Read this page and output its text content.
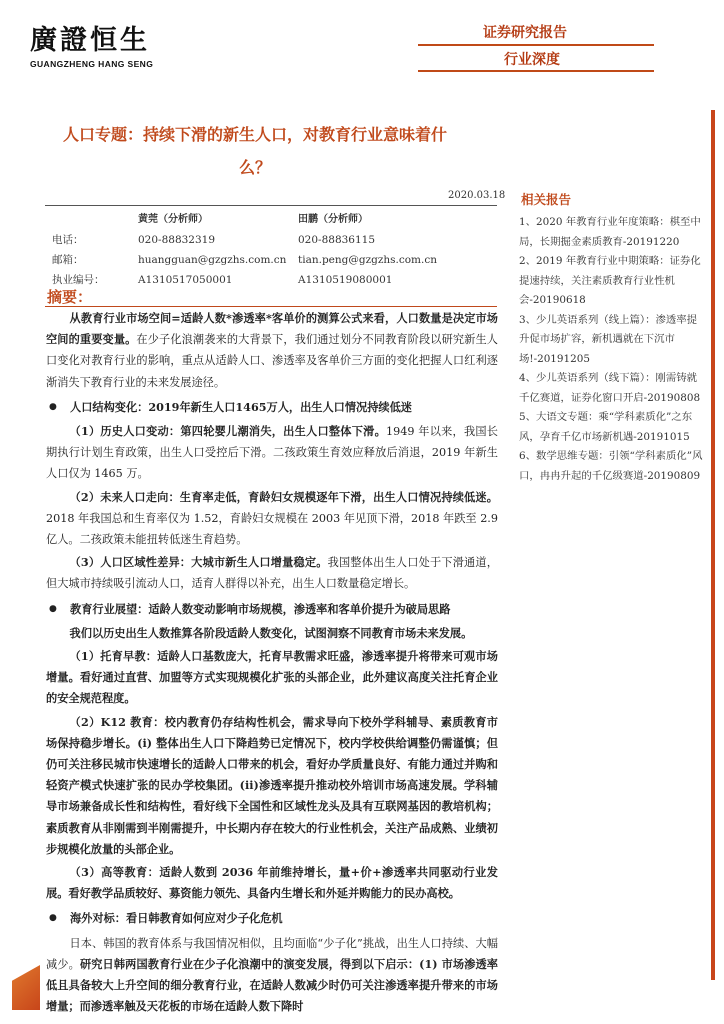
廣證恒生
GUANGZHENG HANG SENG
证券研究报告
行业深度
人口专题：持续下滑的新生人口，对教育行业意味着什么？
2020.03.18
电话：
邮箱：
执业编号：
黄莞（分析师）
020-88832319
huangguan@gzgzhs.com.cn
A1310517050001
田鹏（分析师）
020-88836115
tian.peng@gzgzhs.com.cn
A1310519080001
摘要：

从教育行业市场空间=适龄人数*渗透率*客单价的测算公式来看，人口数量是决定市场空间的重要变量。在少子化浪潮袭来的大背景下，我们通过划分不同教育阶段以研究新生人口变化对教育行业的影响，重点从适龄人口、渗透率及客单价三方面的变化把握人口红利逐渐消失下教育行业的未来发展途径。

● 人口结构变化：2019年新生人口1465万人，出生人口情况持续低迷

（1）历史人口变动：第四轮婴儿潮消失，出生人口整体下滑。1949 年以来，我国长期执行计划生育政策，出生人口受控后下滑。二孩政策生育效应释放后消退，2019 年新生人口仅为 1465 万。

（2）未来人口走向：生育率走低，育龄妇女规模逐年下滑，出生人口情况持续低迷。2018 年我国总和生育率仅为 1.52，育龄妇女规模在 2003 年见顶下滑，2018 年跌至 2.9 亿人。二孩政策未能扭转低迷生育趋势。

（3）人口区域性差异：大城市新生人口增量稳定。我国整体出生人口处于下滑通道，但大城市持续吸引流动人口，适育人群得以补充，出生人口数量稳定增长。

● 教育行业展望：适龄人数变动影响市场规模，渗透率和客单价提升为破局思路

我们以历史出生人数推算各阶段适龄人数变化，试图洞察不同教育市场未来发展。

（1）托育早教：适龄人口基数庞大，托育早教需求旺盛，渗透率提升将带来可观市场增量。看好通过直营、加盟等方式实现规模化扩张的头部企业，此外建议高度关注托育企业的安全规范程度。

（2）K12 教育：校内教育仍存结构性机会，需求导向下校外学科辅导、素质教育市场保持稳步增长。(i) 整体出生人口下降趋势已定情况下，校内学校供给调整仍需谨慎；但仍可关注移民城市快速增长的适龄人口带来的机会，看好办学质量良好、有能力通过并购和轻资产模式快速扩张的民办学校集团。(ii)渗透率提升推动校外培训市场高速发展。学科辅导市场兼备成长性和结构性，看好线下全国性和区域性龙头及具有互联网基因的教培机构；素质教育从非刚需到半刚需提升，中长期内存在较大的行业性机会，关注产品成熟、业绩初步规模化放量的头部企业。

（3）高等教育：适龄人数到 2036 年前维持增长，量+价+渗透率共同驱动行业发展。看好教学品质较好、募资能力领先、具备内生增长和外延并购能力的民办高校。

● 海外对标：看日韩教育如何应对少子化危机

日本、韩国的教育体系与我国情况相似，且均面临“少子化”挑战，出生人口持续、大幅减少。研究日韩两国教育行业在少子化浪潮中的演变发展，得到以下启示：(1) 市场渗透率低且具备较大上升空间的细分教育行业，在适龄人数减少时仍可关注渗透率提升带来的市场增量；而渗透率触及天花板的市场在适龄人数下降时

相关报告
1、2020 年教育行业年度策略：棋至中局，长期掘金素质教育-20191220
2、2019 年教育行业中期策略：证券化提速持续，关注素质教育行业性机会-20190618
3、少儿英语系列（线上篇）：渗透率提升促市场扩容，新机遇就在下沉市场!-20191205
4、少儿英语系列（线下篇）：刚需铸就千亿赛道，证券化窗口开启-20190808
5、大语文专题：乘“学科素质化”之东风，孕育千亿市场新机遇-20191015
6、数学思维专题：引领“学科素质化”风口，冉冉升起的千亿级赛道-20190809
